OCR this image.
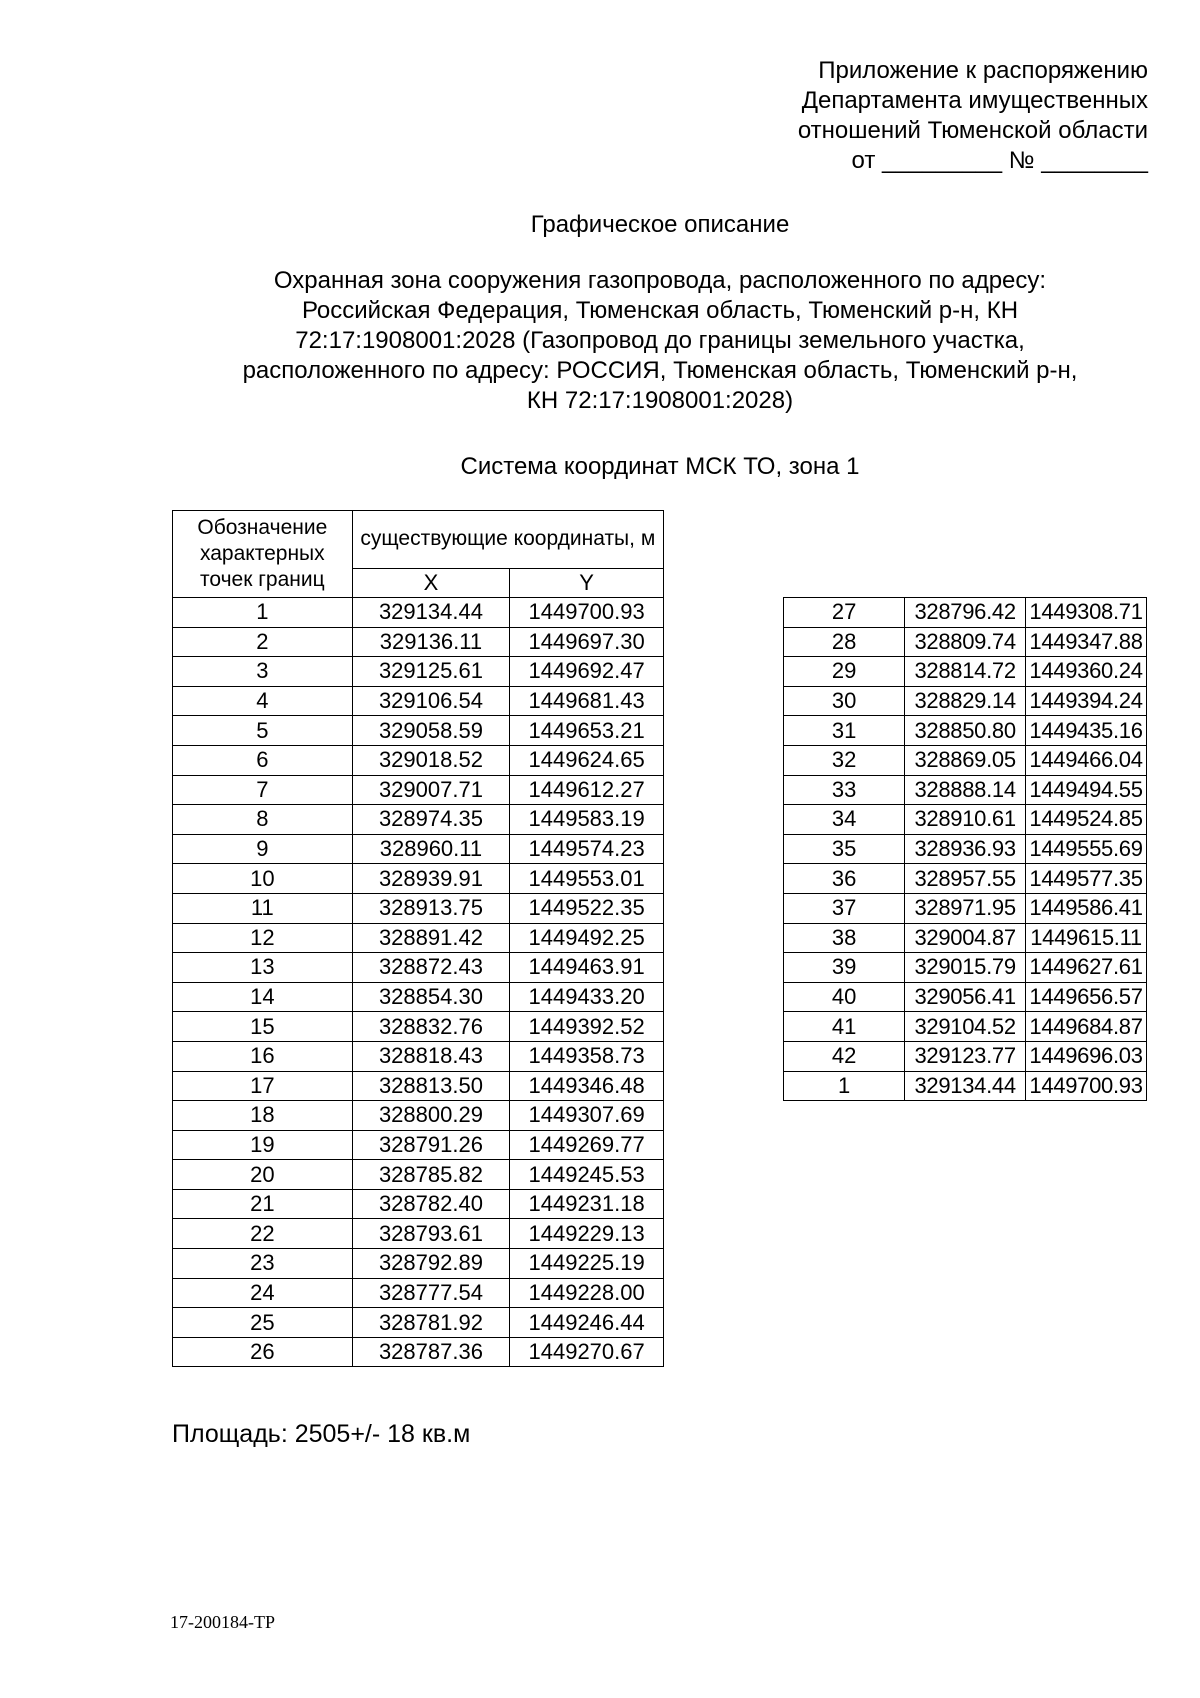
Приложение к распоряжению
Департамента имущественных
отношений Тюменской области
от _________ № ________
Графическое описание
Охранная зона сооружения газопровода, расположенного по адресу:
Российская Федерация, Тюменская область, Тюменский р-н, КН
72:17:1908001:2028 (Газопровод до границы земельного участка,
расположенного по адресу: РОССИЯ, Тюменская область, Тюменский р-н,
КН 72:17:1908001:2028)
Система координат МСК ТО, зона 1
Обозначение характерных точек границ	существующие координаты, м	
	X	Y
1	329134.44	1449700.93
2	329136.11	1449697.30
3	329125.61	1449692.47
4	329106.54	1449681.43
5	329058.59	1449653.21
6	329018.52	1449624.65
7	329007.71	1449612.27
8	328974.35	1449583.19
9	328960.11	1449574.23
10	328939.91	1449553.01
11	328913.75	1449522.35
12	328891.42	1449492.25
13	328872.43	1449463.91
14	328854.30	1449433.20
15	328832.76	1449392.52
16	328818.43	1449358.73
17	328813.50	1449346.48
18	328800.29	1449307.69
19	328791.26	1449269.77
20	328785.82	1449245.53
21	328782.40	1449231.18
22	328793.61	1449229.13
23	328792.89	1449225.19
24	328777.54	1449228.00
25	328781.92	1449246.44
26	328787.36	1449270.67
27	328796.42	1449308.71
28	328809.74	1449347.88
29	328814.72	1449360.24
30	328829.14	1449394.24
31	328850.80	1449435.16
32	328869.05	1449466.04
33	328888.14	1449494.55
34	328910.61	1449524.85
35	328936.93	1449555.69
36	328957.55	1449577.35
37	328971.95	1449586.41
38	329004.87	1449615.11
39	329015.79	1449627.61
40	329056.41	1449656.57
41	329104.52	1449684.87
42	329123.77	1449696.03
1	329134.44	1449700.93
Площадь: 2505+/- 18 кв.м
17-200184-ТР
